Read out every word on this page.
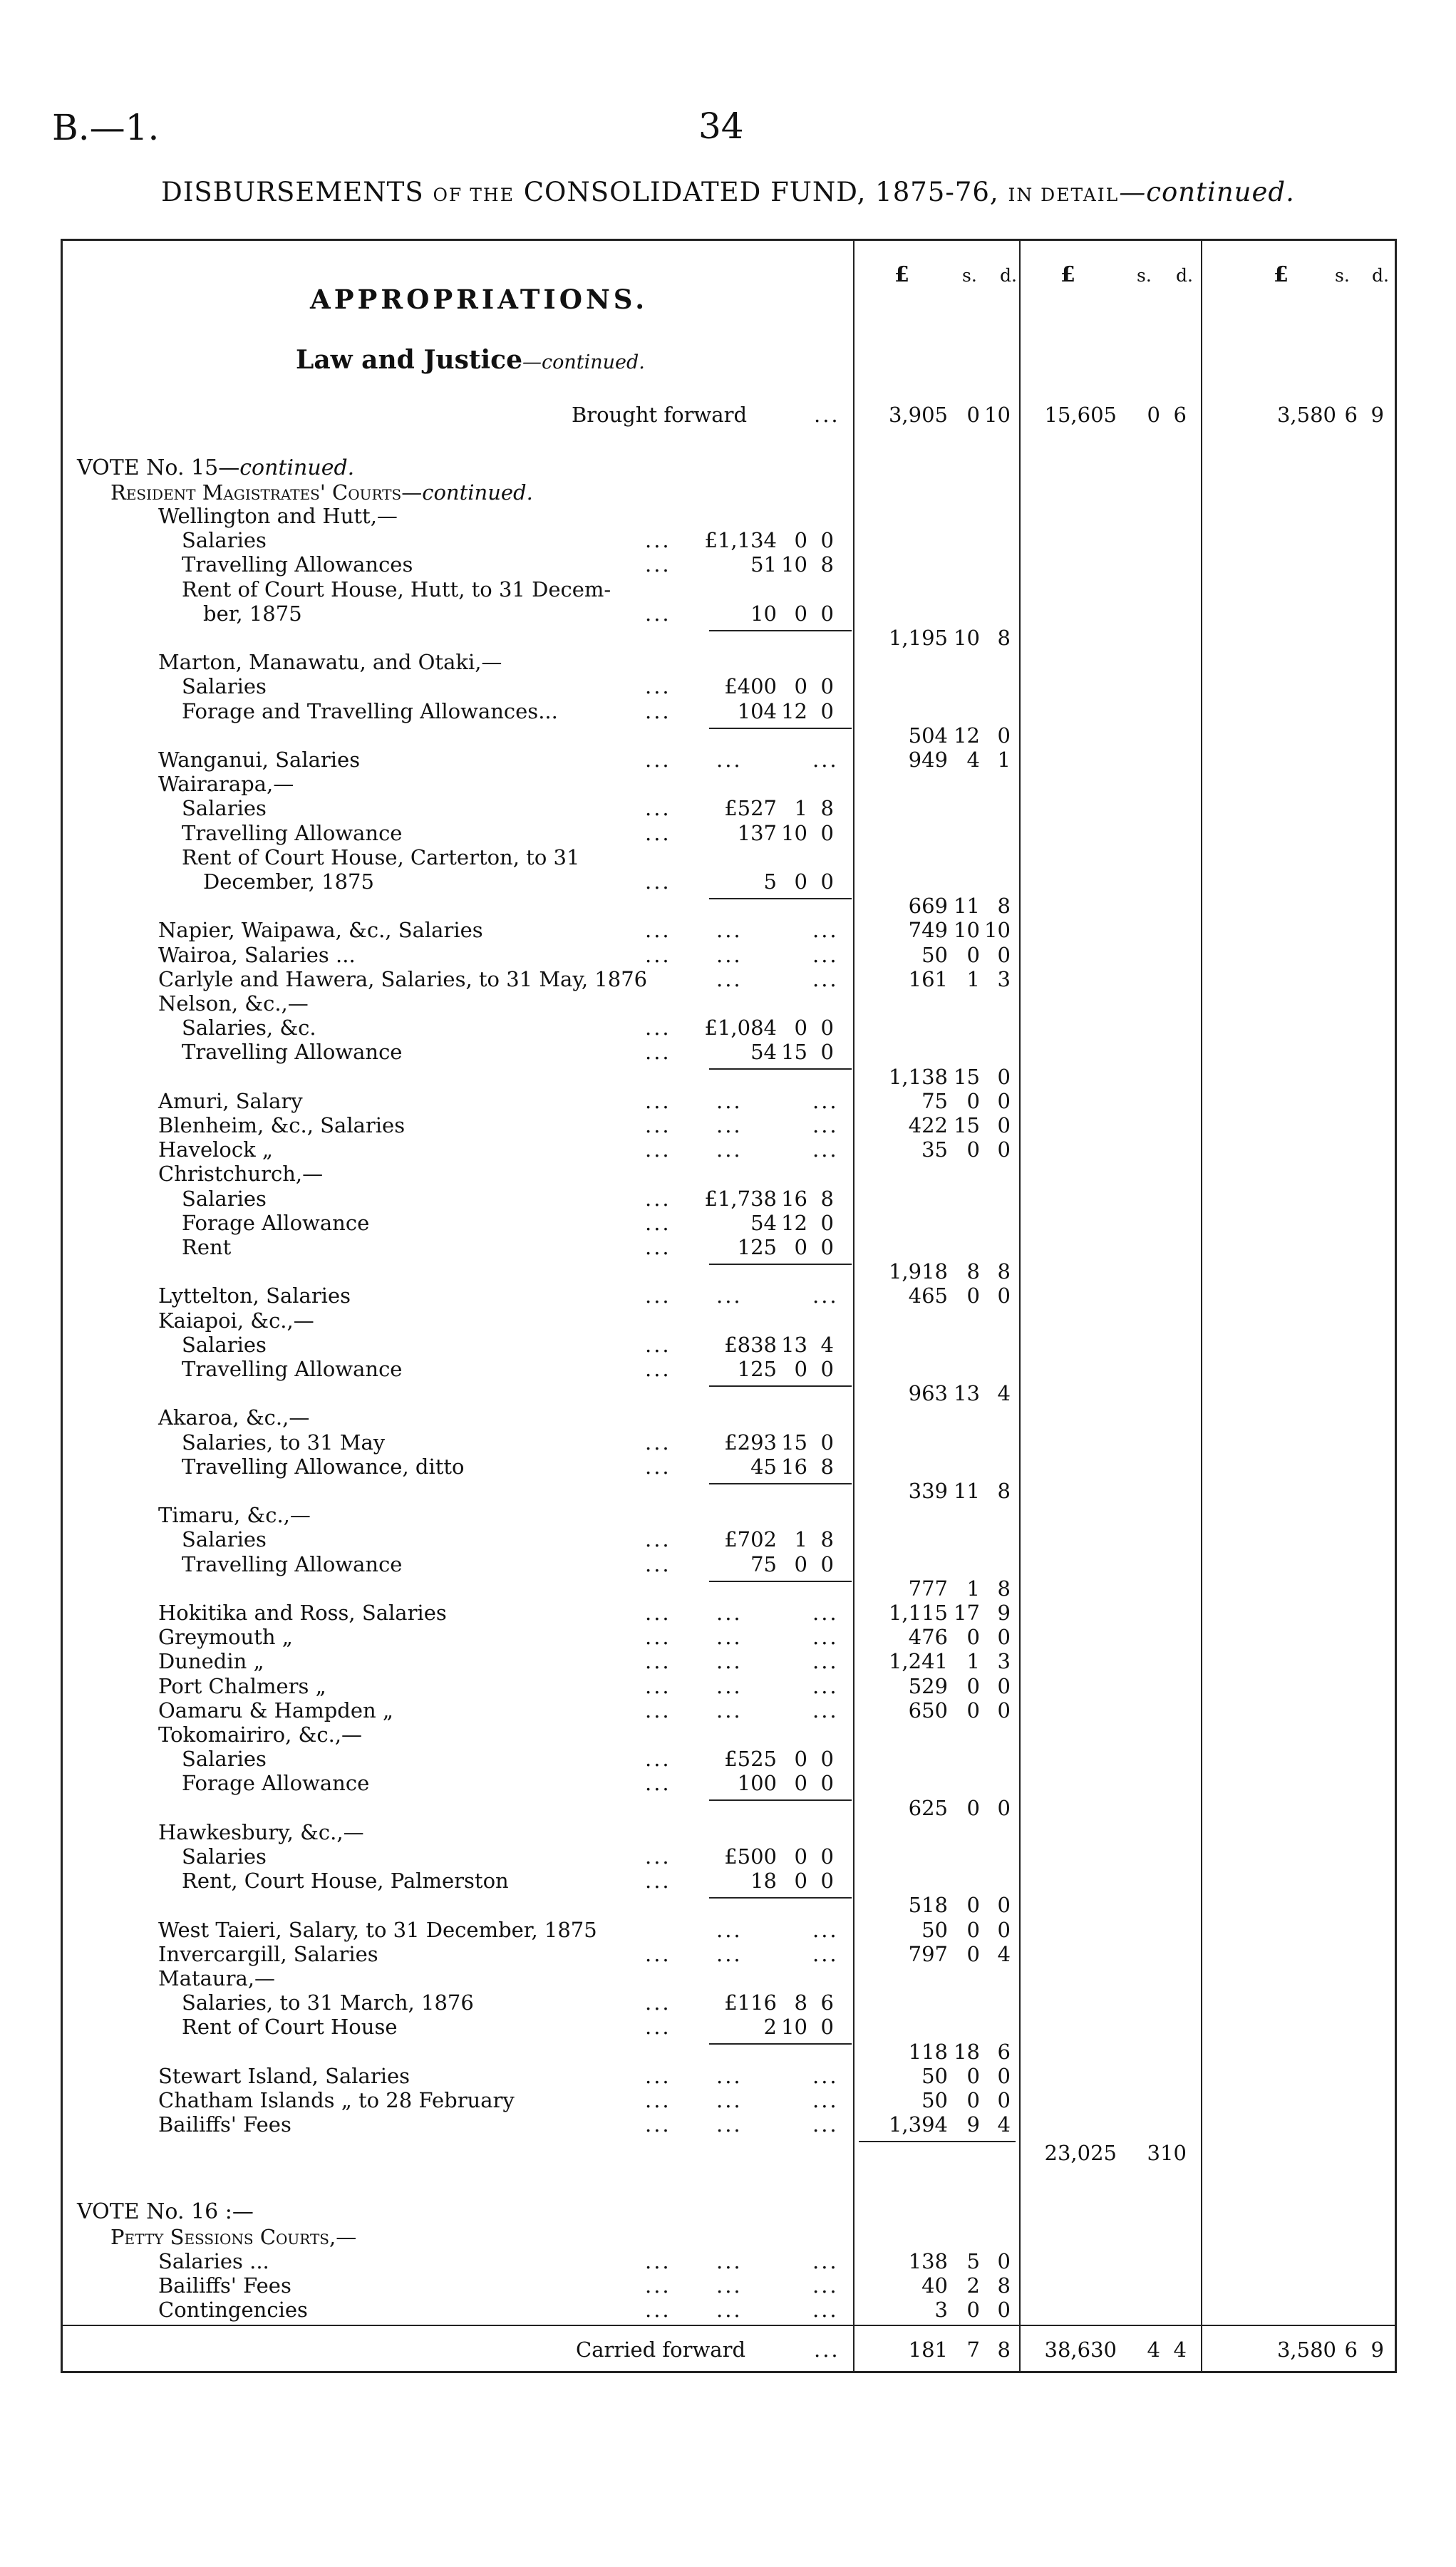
B.—1.	34
DISBURSEMENTS OF THE CONSOLIDATED FUND, 1875-76, IN DETAIL—continued.
£	s. d. £	s. d.	£	s. d.
APPROPRIATIONS.
Law and Justice—continued.
Brought forward	...	3,905 0 10	15,605	0 6	3,580 6 9
VOTE No. 15—continued.
Resident Magistrates' Courts—continued.
Wellington and Hutt,—
Salaries	...	£1,134 0 0
Travelling Allowances	...	51 10 8
Rent of Court House, Hutt, to 31 Decem-
ber, 1875	...	10 0 0
1,195 10 8
Marton, Manawatu, and Otaki,—
Salaries	...	£400 0 0
Forage and Travelling Allowances...	...	104 12 0
504 12 0
Wanganui, Salaries	... ...	...	949 4 1
Wairarapa,—
Salaries	...	£527 1 8
Travelling Allowance	...	137 10 0
Rent of Court House, Carterton, to 31
December, 1875	...	5 0 0
669 11 8
Napier, Waipawa, &c., Salaries	... ...	...	749 10 10
Wairoa, Salaries ...	... ...	...	50 0 0
Carlyle and Hawera, Salaries, to 31 May, 1876	...	...	161 1 3
Nelson, &c.,—
Salaries, &c.	...	£1,084 0 0
Travelling Allowance	...	54 15 0
1,138 15 0
Amuri, Salary	... ...	...	75 0 0
Blenheim, &c., Salaries	... ...	...	422 15 0
Havelock „	... ...	...	35 0 0
Christchurch,—
Salaries	...	£1,738 16 8
Forage Allowance	...	54 12 0
Rent	...	125 0 0
1,918 8 8
Lyttelton, Salaries	... ...	...	465 0 0
Kaiapoi, &c.,—
Salaries	...	£838 13 4
Travelling Allowance	...	125 0 0
963 13 4
Akaroa, &c.,—
Salaries, to 31 May	...	£293 15 0
Travelling Allowance, ditto	...	45 16 8
339 11 8
Timaru, &c.,—
Salaries	...	£702 1 8
Travelling Allowance	...	75 0 0
777 1 8
Hokitika and Ross, Salaries	... ...	...	1,115 17 9
Greymouth „	... ...	...	476 0 0
Dunedin „	... ...	...	1,241 1 3
Port Chalmers „	... ...	...	529 0 0
Oamaru & Hampden „	... ...	...	650 0 0
Tokomairiro, &c.,—
Salaries	...	£525 0 0
Forage Allowance	...	100 0 0
625 0 0
Hawkesbury, &c.,—
Salaries	...	£500 0 0
Rent, Court House, Palmerston	...	18 0 0
518 0 0
West Taieri, Salary, to 31 December, 1875	...	...	50 0 0
Invercargill, Salaries	... ...	...	797 0 4
Mataura,—
Salaries, to 31 March, 1876	...	£116 8 6
Rent of Court House	...	2 10 0
118 18 6
Stewart Island, Salaries	... ...	...	50 0 0
Chatham Islands „ to 28 February	... ...	...	50 0 0
Bailiffs' Fees	... ...	...	1,394 9 4
23,025	3 10
VOTE No. 16 :—
Petty Sessions Courts,—
Salaries ...	... ...	...	138 5 0
Bailiffs' Fees	... ...	...	40 2 8
Contingencies	... ...	...	3 0 0
Carried forward	...	181 7 8	38,630	4 4	3,580 6 9
